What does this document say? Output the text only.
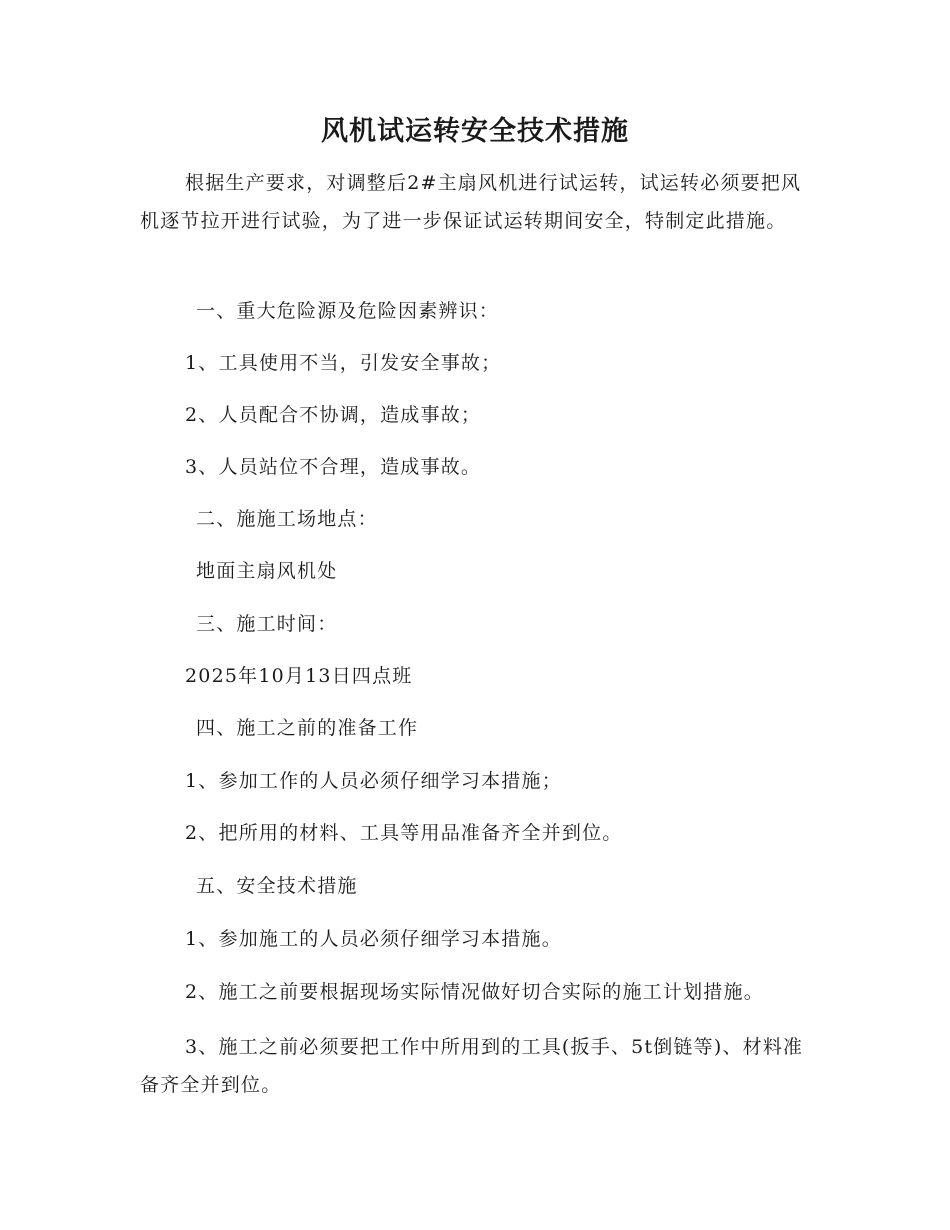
风机试运转安全技术措施
根据生产要求，对调整后2#主扇风机进行试运转，试运转必须要把风机逐节拉开进行试验，为了进一步保证试运转期间安全，特制定此措施。
一、重大危险源及危险因素辨识：
1、工具使用不当，引发安全事故；
2、人员配合不协调，造成事故；
3、人员站位不合理，造成事故。
二、施施工场地点：
地面主扇风机处
三、施工时间：
2025年10月13日四点班
四、施工之前的准备工作
1、参加工作的人员必须仔细学习本措施；
2、把所用的材料、工具等用品准备齐全并到位。
五、安全技术措施
1、参加施工的人员必须仔细学习本措施。
2、施工之前要根据现场实际情况做好切合实际的施工计划措施。
3、施工之前必须要把工作中所用到的工具(扳手、5t倒链等)、材料准备齐全并到位。
